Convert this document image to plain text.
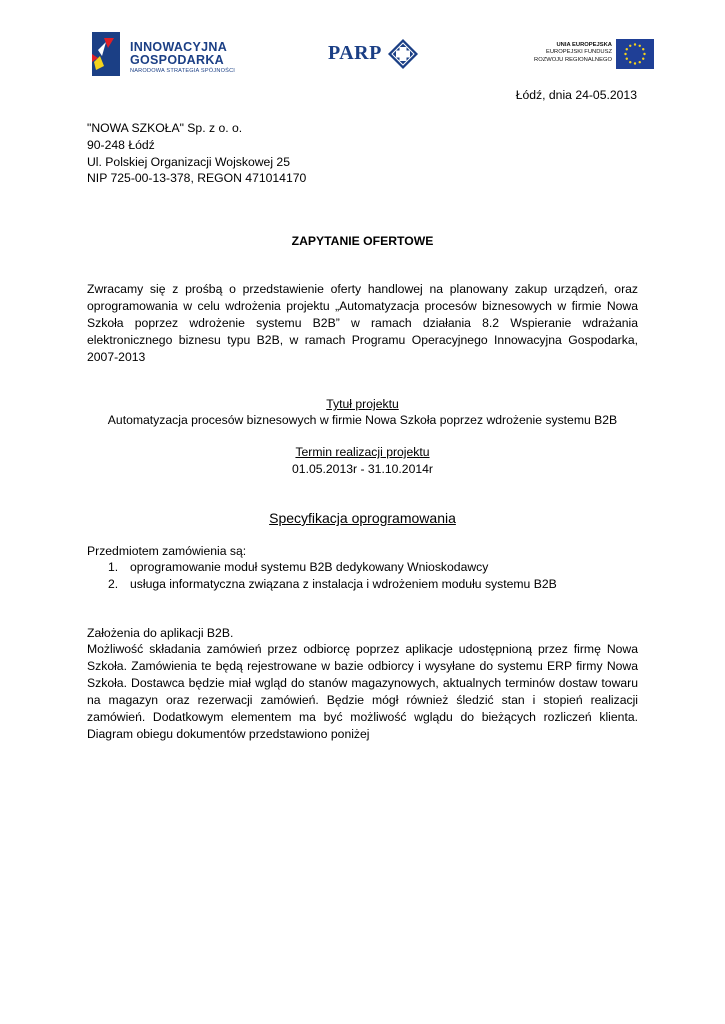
INNOWACYJNA
GOSPODARKA
NARODOWA STRATEGIA SPÓJNOŚCI
PARP	UNIA EUROPEJSKA
EUROPEJSKI FUNDUSZ
ROZWOJU REGIONALNEGO
Łódź, dnia 24-05.2013
"NOWA SZKOŁA" Sp. z o. o.
90-248 Łódź
Ul. Polskiej Organizacji Wojskowej 25
NIP 725-00-13-378, REGON 471014170
ZAPYTANIE OFERTOWE
Zwracamy się z prośbą o przedstawienie oferty handlowej na planowany zakup urządzeń, oraz
oprogramowania w celu wdrożenia projektu „Automatyzacja procesów biznesowych w firmie Nowa
Szkoła poprzez wdrożenie systemu B2B” w ramach działania 8.2 Wspieranie wdrażania
elektronicznego biznesu typu B2B, w ramach Programu Operacyjnego Innowacyjna Gospodarka,
2007-2013
Tytuł projektu
Automatyzacja procesów biznesowych w firmie Nowa Szkoła poprzez wdrożenie systemu B2B
Termin realizacji projektu
01.05.2013r - 31.10.2014r
Specyfikacja oprogramowania
Przedmiotem zamówienia są:
1. oprogramowanie moduł systemu B2B dedykowany Wnioskodawcy
2. usługa informatyczna związana z instalacja i wdrożeniem modułu systemu B2B
Założenia do aplikacji B2B.
Możliwość składania zamówień przez odbiorcę poprzez aplikacje udostępnioną przez firmę Nowa
Szkoła. Zamówienia te będą rejestrowane w bazie odbiorcy i wysyłane do systemu ERP firmy Nowa
Szkoła. Dostawca będzie miał wgląd do stanów magazynowych, aktualnych terminów dostaw towaru
na magazyn oraz rezerwacji zamówień. Będzie mógł również śledzić stan i stopień realizacji
zamówień. Dodatkowym elementem ma być możliwość wglądu do bieżących rozliczeń klienta.
Diagram obiegu dokumentów przedstawiono poniżej
